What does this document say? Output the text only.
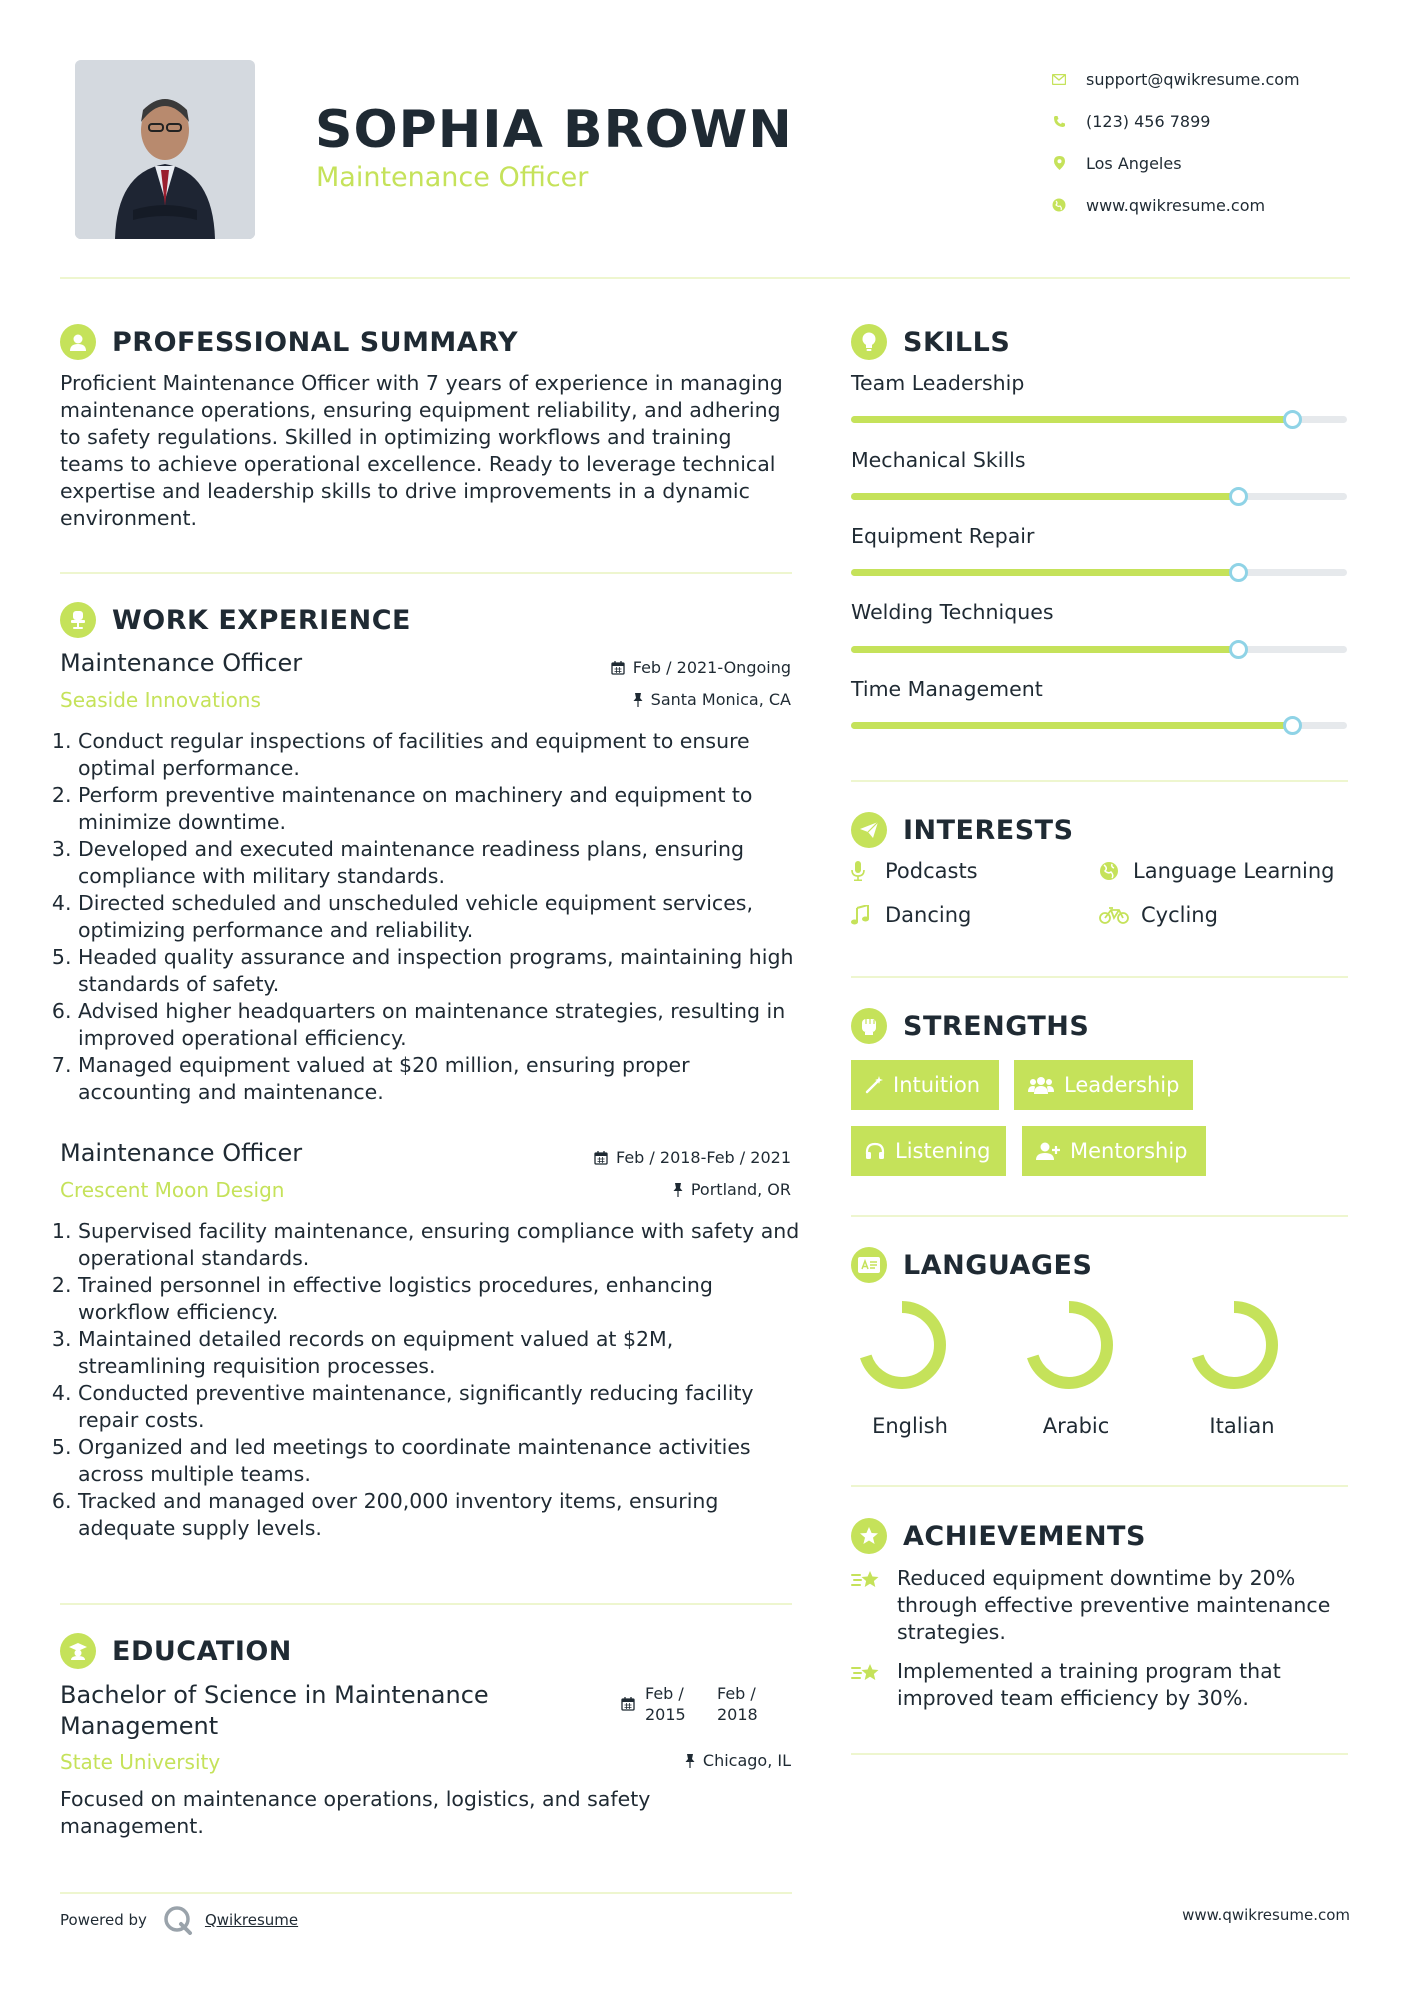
SOPHIA BROWN
Maintenance Officer
support@qwikresume.com
(123) 456 7899
Los Angeles
www.qwikresume.com
PROFESSIONAL SUMMARY
Proficient Maintenance Officer with 7 years of experience in managing maintenance operations, ensuring equipment reliability, and adhering to safety regulations. Skilled in optimizing workflows and training teams to achieve operational excellence. Ready to leverage technical expertise and leadership skills to drive improvements in a dynamic environment.
WORK EXPERIENCE
Maintenance Officer
Seaside Innovations
Feb / 2021-Ongoing
Santa Monica, CA
1. Conduct regular inspections of facilities and equipment to ensure optimal performance.
2. Perform preventive maintenance on machinery and equipment to minimize downtime.
3. Developed and executed maintenance readiness plans, ensuring compliance with military standards.
4. Directed scheduled and unscheduled vehicle equipment services, optimizing performance and reliability.
5. Headed quality assurance and inspection programs, maintaining high standards of safety.
6. Advised higher headquarters on maintenance strategies, resulting in improved operational efficiency.
7. Managed equipment valued at $20 million, ensuring proper accounting and maintenance.
Maintenance Officer
Crescent Moon Design
Feb / 2018-Feb / 2021
Portland, OR
1. Supervised facility maintenance, ensuring compliance with safety and operational standards.
2. Trained personnel in effective logistics procedures, enhancing workflow efficiency.
3. Maintained detailed records on equipment valued at $2M, streamlining requisition processes.
4. Conducted preventive maintenance, significantly reducing facility repair costs.
5. Organized and led meetings to coordinate maintenance activities across multiple teams.
6. Tracked and managed over 200,000 inventory items, ensuring adequate supply levels.
EDUCATION
Bachelor of Science in Maintenance
Management
State University
Feb /
2015
Feb /
2018
Chicago, IL
Focused on maintenance operations, logistics, and safety management.
SKILLS
Team Leadership
Mechanical Skills
Equipment Repair
Welding Techniques
Time Management
INTERESTS
Podcasts	Language Learning
Dancing	Cycling
STRENGTHS
Intuition	Leadership
Listening	Mentorship
LANGUAGES
English	Arabic	Italian
ACHIEVEMENTS
Reduced equipment downtime by 20% through effective preventive maintenance strategies.
Implemented a training program that improved team efficiency by 30%.
Powered by	Qwikresume	www.qwikresume.com
